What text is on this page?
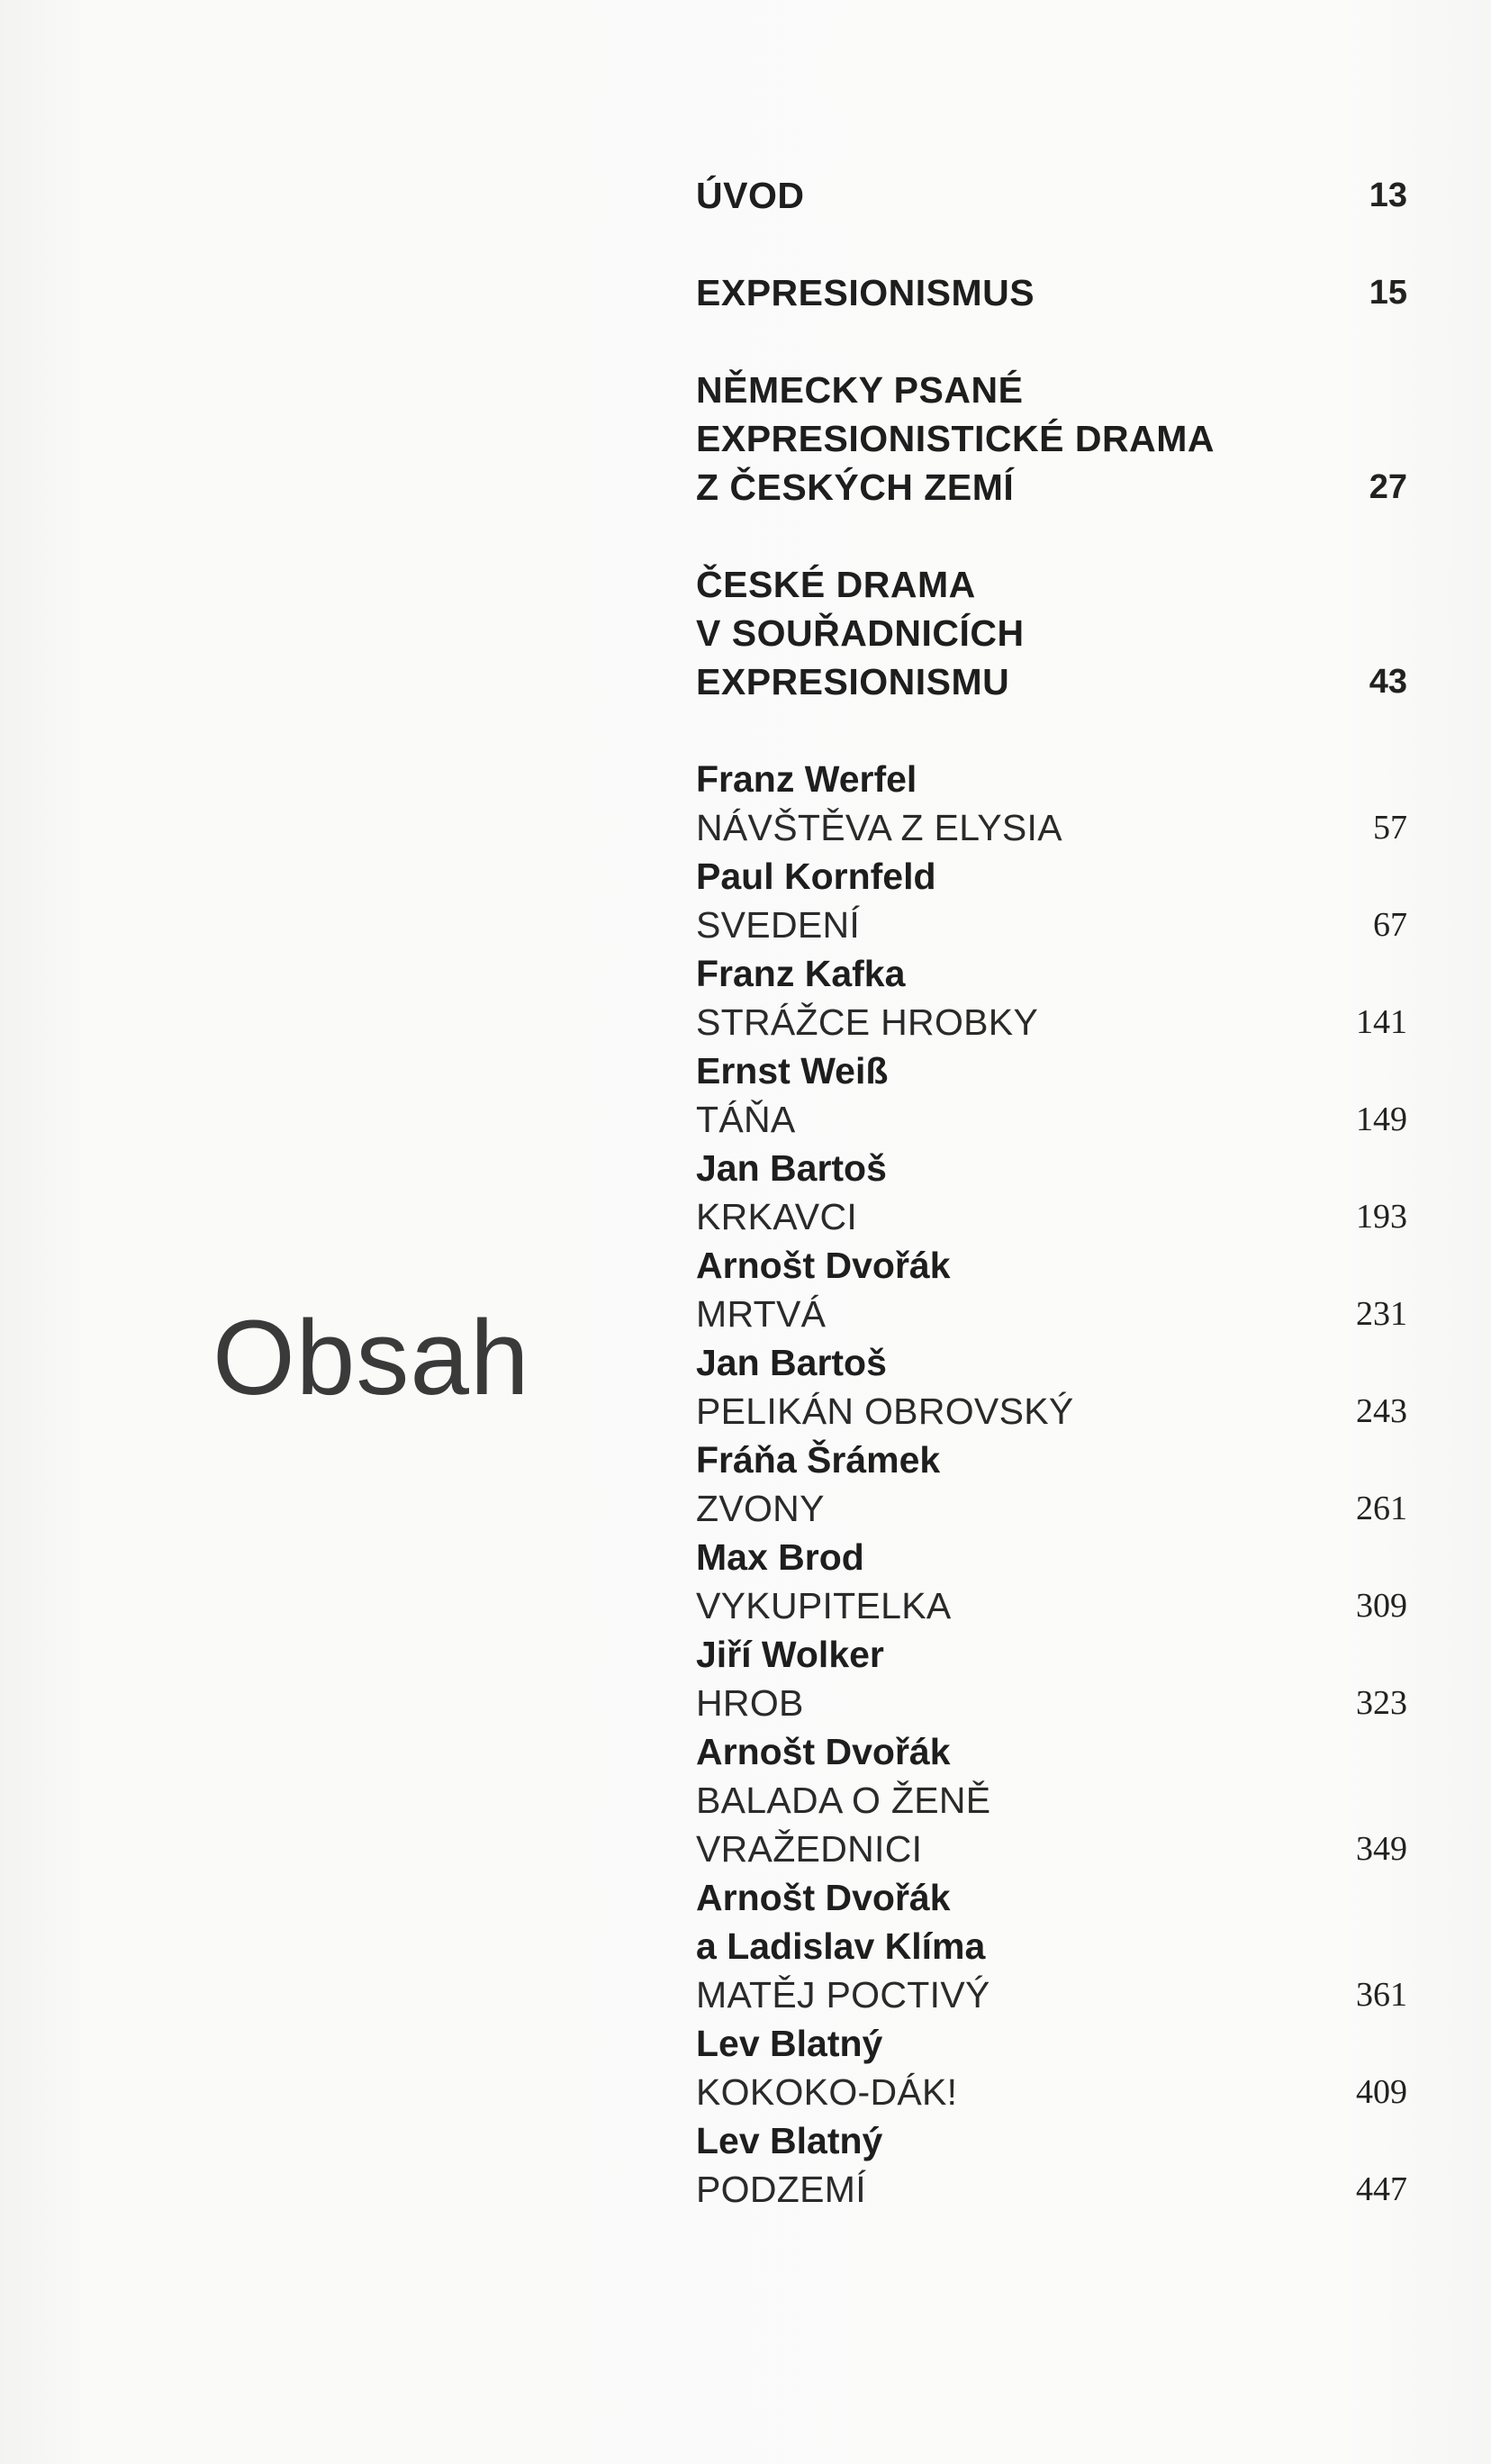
Obsah
ÚVOD	13
EXPRESIONISMUS	15
NĚMECKY PSANÉ
EXPRESIONISTICKÉ DRAMA
Z ČESKÝCH ZEMÍ	27
ČESKÉ DRAMA
V SOUŘADNICÍCH
EXPRESIONISMU	43
Franz Werfel
NÁVŠTĚVA Z ELYSIA	57
Paul Kornfeld
SVEDENÍ	67
Franz Kafka
STRÁŽCE HROBKY	141
Ernst Weiß
TÁŇA	149
Jan Bartoš
KRKAVCI	193
Arnošt Dvořák
MRTVÁ	231
Jan Bartoš
PELIKÁN OBROVSKÝ	243
Fráňa Šrámek
ZVONY	261
Max Brod
VYKUPITELKA	309
Jiří Wolker
HROB	323
Arnošt Dvořák
BALADA O ŽENĚ
VRAŽEDNICI	349
Arnošt Dvořák
a Ladislav Klíma
MATĚJ POCTIVÝ	361
Lev Blatný
KOKOKO-DÁK!	409
Lev Blatný
PODZEMÍ	447
